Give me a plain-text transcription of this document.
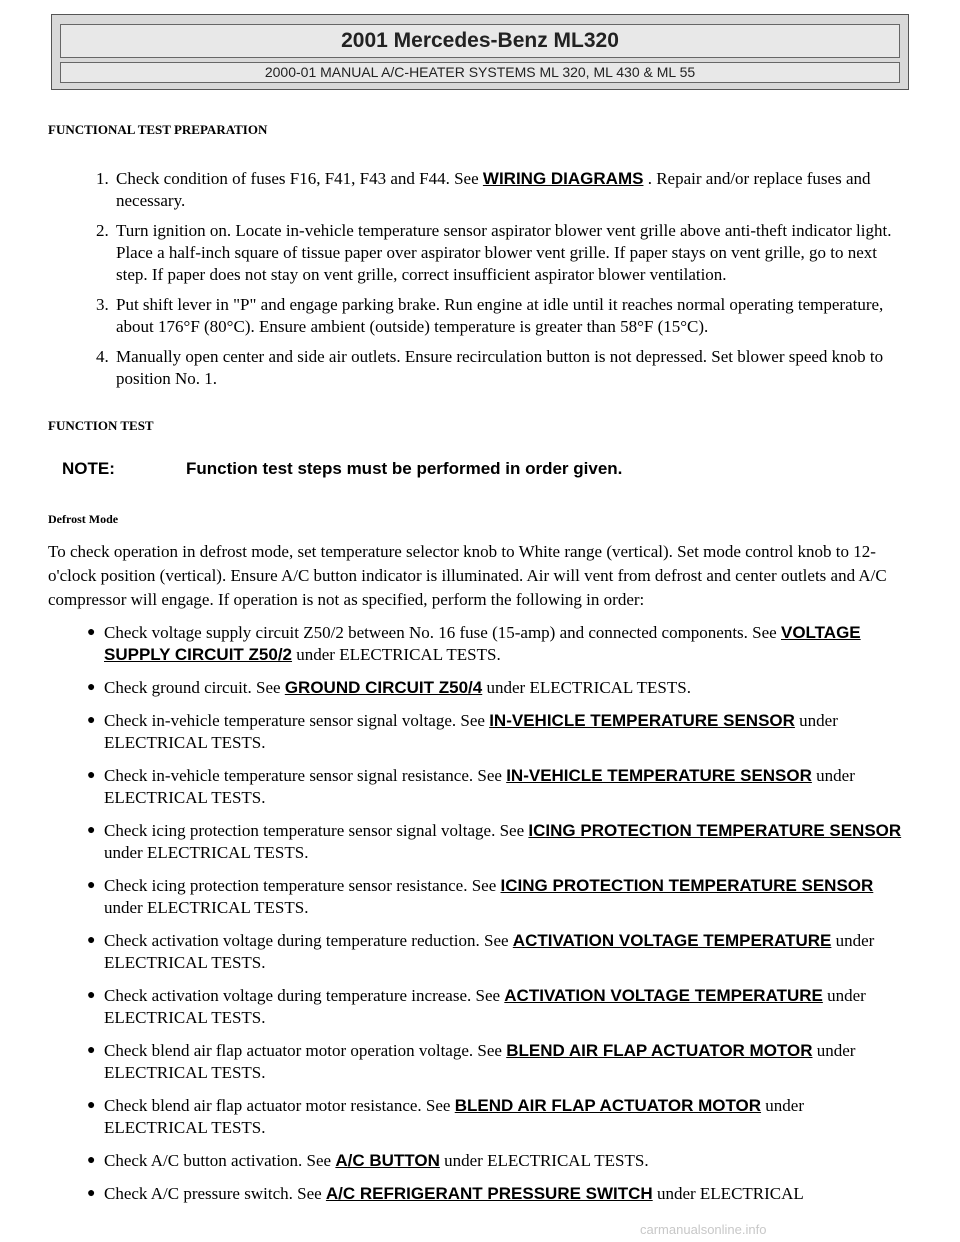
2001 Mercedes-Benz ML320
2000-01 MANUAL A/C-HEATER SYSTEMS ML 320, ML 430 & ML 55

FUNCTIONAL TEST PREPARATION

1. Check condition of fuses F16, F41, F43 and F44. See WIRING DIAGRAMS . Repair and/or replace fuses and necessary.
2. Turn ignition on. Locate in-vehicle temperature sensor aspirator blower vent grille above anti-theft indicator light. Place a half-inch square of tissue paper over aspirator blower vent grille. If paper stays on vent grille, go to next step. If paper does not stay on vent grille, correct insufficient aspirator blower ventilation.
3. Put shift lever in "P" and engage parking brake. Run engine at idle until it reaches normal operating temperature, about 176°F (80°C). Ensure ambient (outside) temperature is greater than 58°F (15°C).
4. Manually open center and side air outlets. Ensure recirculation button is not depressed. Set blower speed knob to position No. 1.

FUNCTION TEST

NOTE:	Function test steps must be performed in order given.

Defrost Mode

To check operation in defrost mode, set temperature selector knob to White range (vertical). Set mode control knob to 12-o'clock position (vertical). Ensure A/C button indicator is illuminated. Air will vent from defrost and center outlets and A/C compressor will engage. If operation is not as specified, perform the following in order:

● Check voltage supply circuit Z50/2 between No. 16 fuse (15-amp) and connected components. See VOLTAGE SUPPLY CIRCUIT Z50/2 under ELECTRICAL TESTS.
● Check ground circuit. See GROUND CIRCUIT Z50/4 under ELECTRICAL TESTS.
● Check in-vehicle temperature sensor signal voltage. See IN-VEHICLE TEMPERATURE SENSOR under ELECTRICAL TESTS.
● Check in-vehicle temperature sensor signal resistance. See IN-VEHICLE TEMPERATURE SENSOR under ELECTRICAL TESTS.
● Check icing protection temperature sensor signal voltage. See ICING PROTECTION TEMPERATURE SENSOR under ELECTRICAL TESTS.
● Check icing protection temperature sensor resistance. See ICING PROTECTION TEMPERATURE SENSOR under ELECTRICAL TESTS.
● Check activation voltage during temperature reduction. See ACTIVATION VOLTAGE TEMPERATURE under ELECTRICAL TESTS.
● Check activation voltage during temperature increase. See ACTIVATION VOLTAGE TEMPERATURE under ELECTRICAL TESTS.
● Check blend air flap actuator motor operation voltage. See BLEND AIR FLAP ACTUATOR MOTOR under ELECTRICAL TESTS.
● Check blend air flap actuator motor resistance. See BLEND AIR FLAP ACTUATOR MOTOR under ELECTRICAL TESTS.
● Check A/C button activation. See A/C BUTTON under ELECTRICAL TESTS.
● Check A/C pressure switch. See A/C REFRIGERANT PRESSURE SWITCH under ELECTRICAL
carmanualsonline.info
